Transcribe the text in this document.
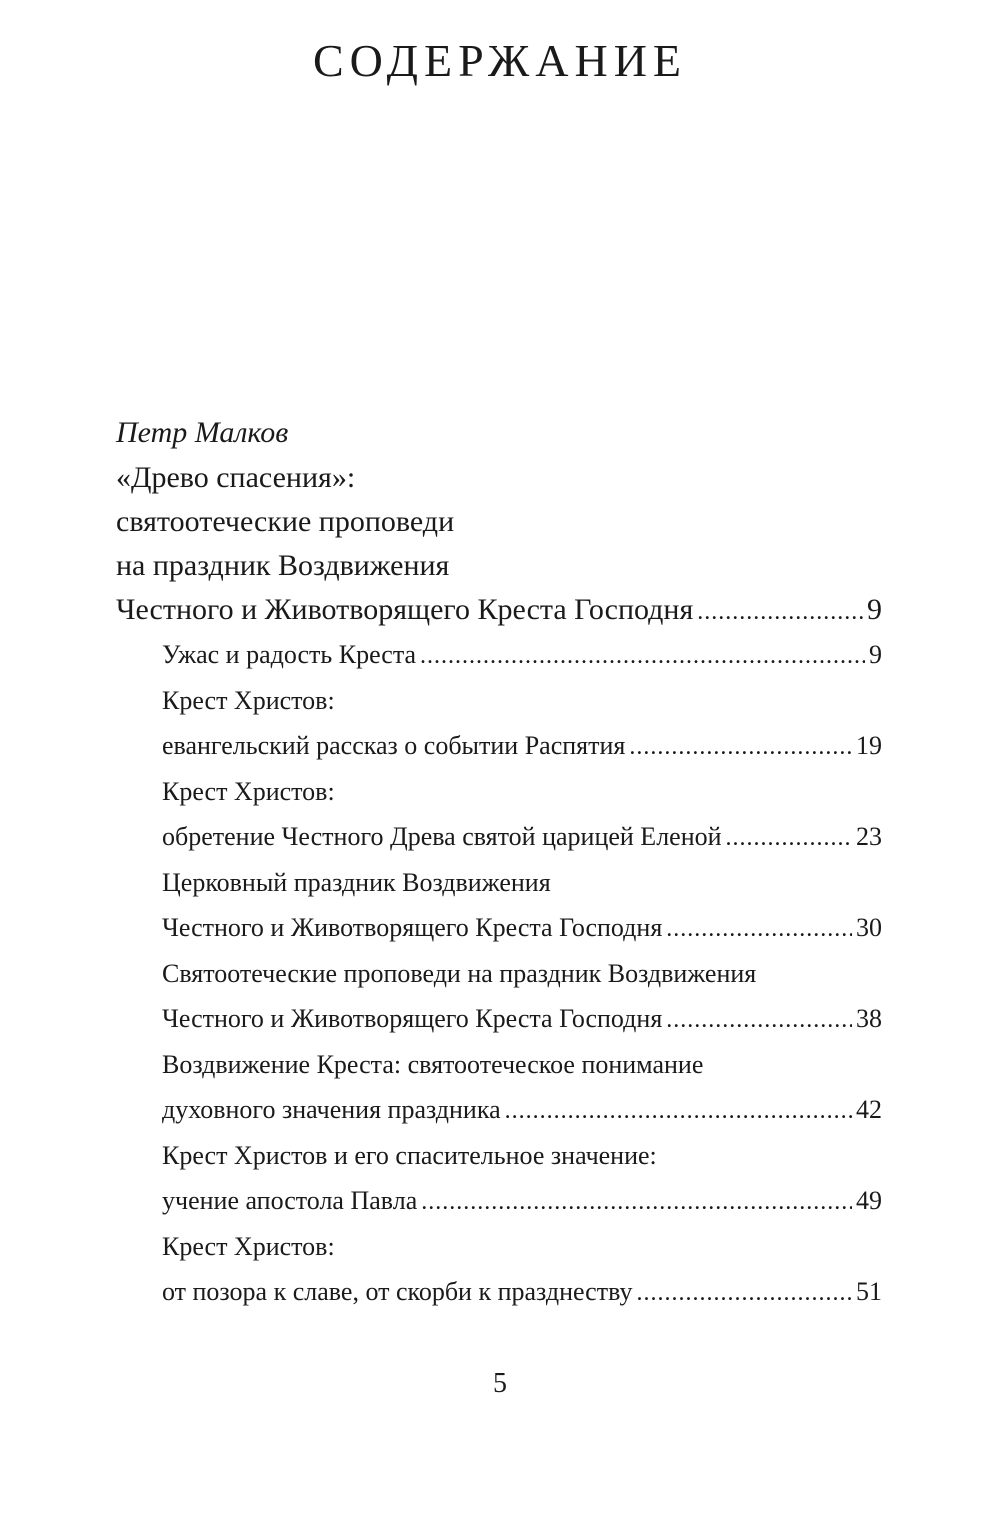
СОДЕРЖАНИЕ
Петр Малков
«Древо спасения»:
святоотеческие проповеди
на праздник Воздвижения
Честного и Животворящего Креста Господня .....	9
Ужас и радость Креста .....	9
Крест Христов:
евангельский рассказ о событии Распятия .....	19
Крест Христов:
обретение Честного Древа святой царицей Еленой .....	23
Церковный праздник Воздвижения
Честного и Животворящего Креста Господня .....	30
Святоотеческие проповеди на праздник Воздвижения
Честного и Животворящего Креста Господня .....	38
Воздвижение Креста: святоотеческое понимание
духовного значения праздника .....	42
Крест Христов и его спасительное значение:
учение апостола Павла .....	49
Крест Христов:
от позора к славе, от скорби к празднеству .....	51
5
